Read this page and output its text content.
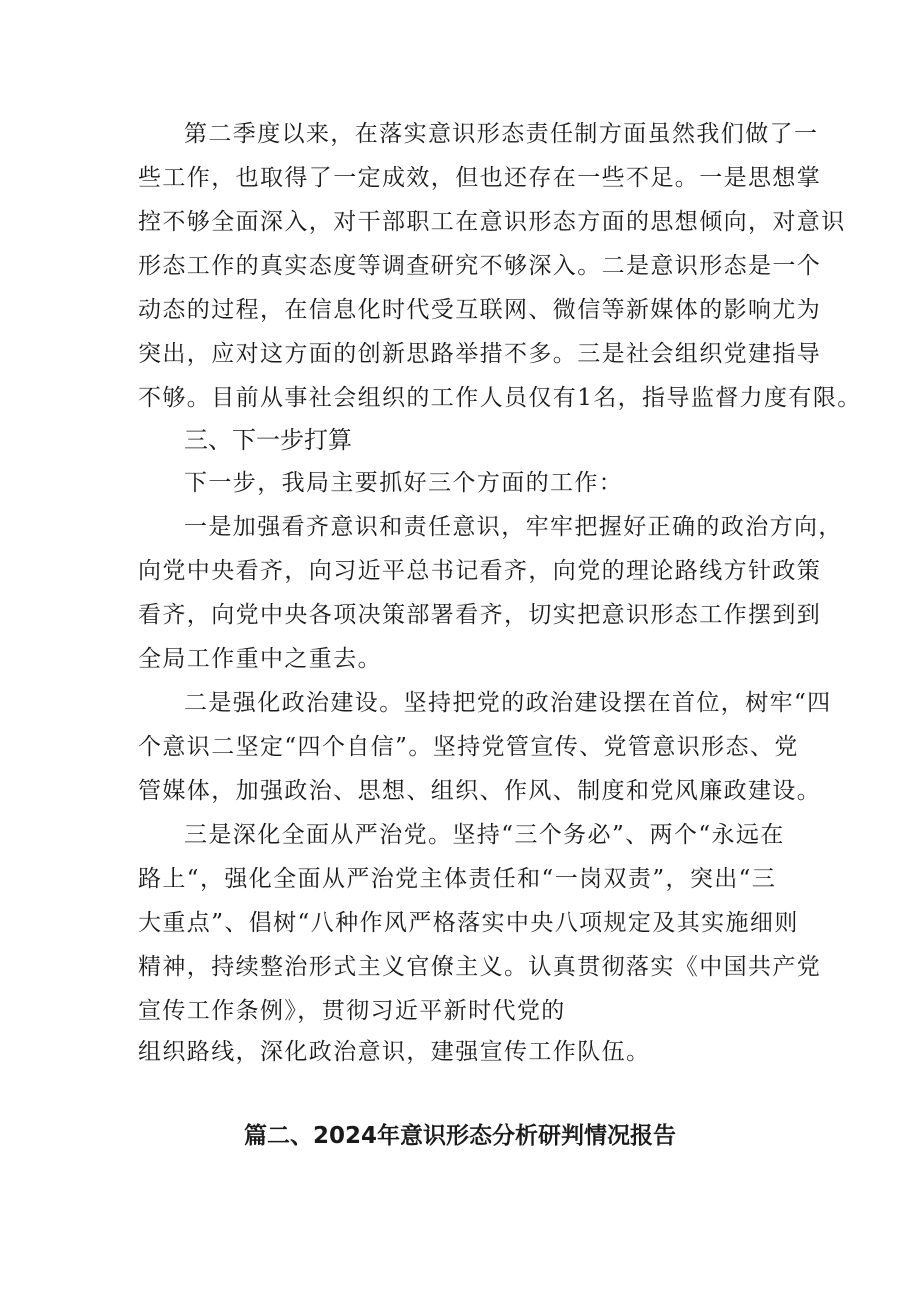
第二季度以来，在落实意识形态责任制方面虽然我们做了一
些工作，也取得了一定成效，但也还存在一些不足。一是思想掌
控不够全面深入，对干部职工在意识形态方面的思想倾向，对意识
形态工作的真实态度等调查研究不够深入。二是意识形态是一个
动态的过程，在信息化时代受互联网、微信等新媒体的影响尤为
突出，应对这方面的创新思路举措不多。三是社会组织党建指导
不够。目前从事社会组织的工作人员仅有1名，指导监督力度有限。
三、下一步打算
下一步，我局主要抓好三个方面的工作：
一是加强看齐意识和责任意识，牢牢把握好正确的政治方向，
向党中央看齐，向习近平总书记看齐，向党的理论路线方针政策
看齐，向党中央各项决策部署看齐，切实把意识形态工作摆到到
全局工作重中之重去。
二是强化政治建设。坚持把党的政治建设摆在首位，树牢“四
个意识二坚定“四个自信”。坚持党管宣传、党管意识形态、党
管媒体，加强政治、思想、组织、作风、制度和党风廉政建设。
三是深化全面从严治党。坚持“三个务必”、两个“永远在
路上“，强化全面从严治党主体责任和“一岗双责”，突出“三
大重点”、倡树“八种作风严格落实中央八项规定及其实施细则
精神，持续整治形式主义官僚主义。认真贯彻落实《中国共产党
宣传工作条例》，贯彻习近平新时代党的
组织路线，深化政治意识，建强宣传工作队伍。
篇二、2024年意识形态分析研判情况报告
